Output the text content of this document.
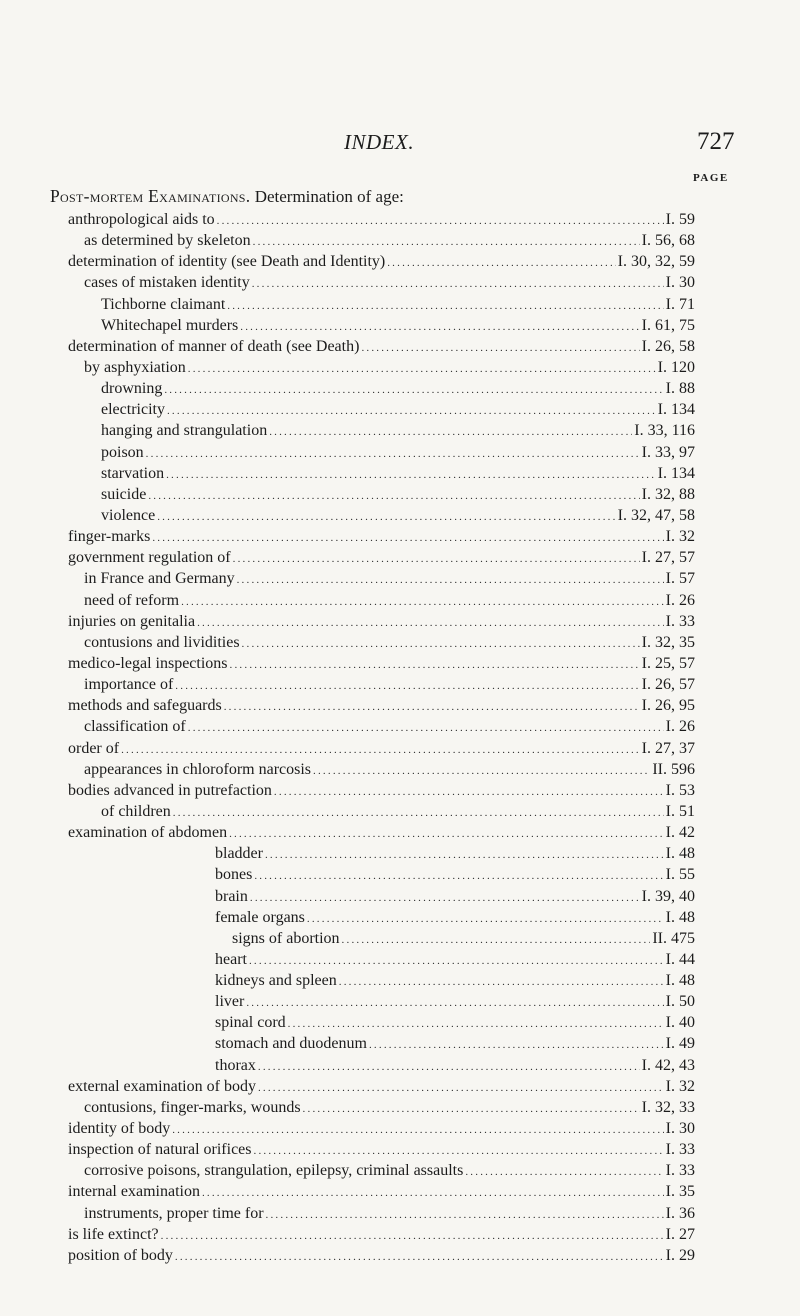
INDEX.	727
PAGE
Post-mortem Examinations. Determination of age:
anthropological aids to .....	I. 59
as determined by skeleton .....	I. 56, 68
determination of identity (see Death and Identity) .....	I. 30, 32, 59
cases of mistaken identity .....	I. 30
Tichborne claimant .....	I. 71
Whitechapel murders .....	I. 61, 75
determination of manner of death (see Death) .....	I. 26, 58
by asphyxiation .....	I. 120
drowning .....	I. 88
electricity .....	I. 134
hanging and strangulation .....	I. 33, 116
poison .....	I. 33, 97
starvation .....	I. 134
suicide .....	I. 32, 88
violence .....	I. 32, 47, 58
finger-marks .....	I. 32
government regulation of .....	I. 27, 57
in France and Germany .....	I. 57
need of reform .....	I. 26
injuries on genitalia .....	I. 33
contusions and lividities .....	I. 32, 35
medico-legal inspections .....	I. 25, 57
importance of .....	I. 26, 57
methods and safeguards .....	I. 26, 95
classification of .....	I. 26
order of .....	I. 27, 37
appearances in chloroform narcosis .....	II. 596
bodies advanced in putrefaction .....	I. 53
of children .....	I. 51
examination of abdomen .....	I. 42
bladder .....	I. 48
bones .....	I. 55
brain .....	I. 39, 40
female organs .....	I. 48
signs of abortion .....	II. 475
heart .....	I. 44
kidneys and spleen .....	I. 48
liver .....	I. 50
spinal cord .....	I. 40
stomach and duodenum .....	I. 49
thorax .....	I. 42, 43
external examination of body .....	I. 32
contusions, finger-marks, wounds .....	I. 32, 33
identity of body .....	I. 30
inspection of natural orifices .....	I. 33
corrosive poisons, strangulation, epilepsy, criminal assaults .....	I. 33
internal examination .....	I. 35
instruments, proper time for .....	I. 36
is life extinct? .....	I. 27
position of body .....	I. 29
